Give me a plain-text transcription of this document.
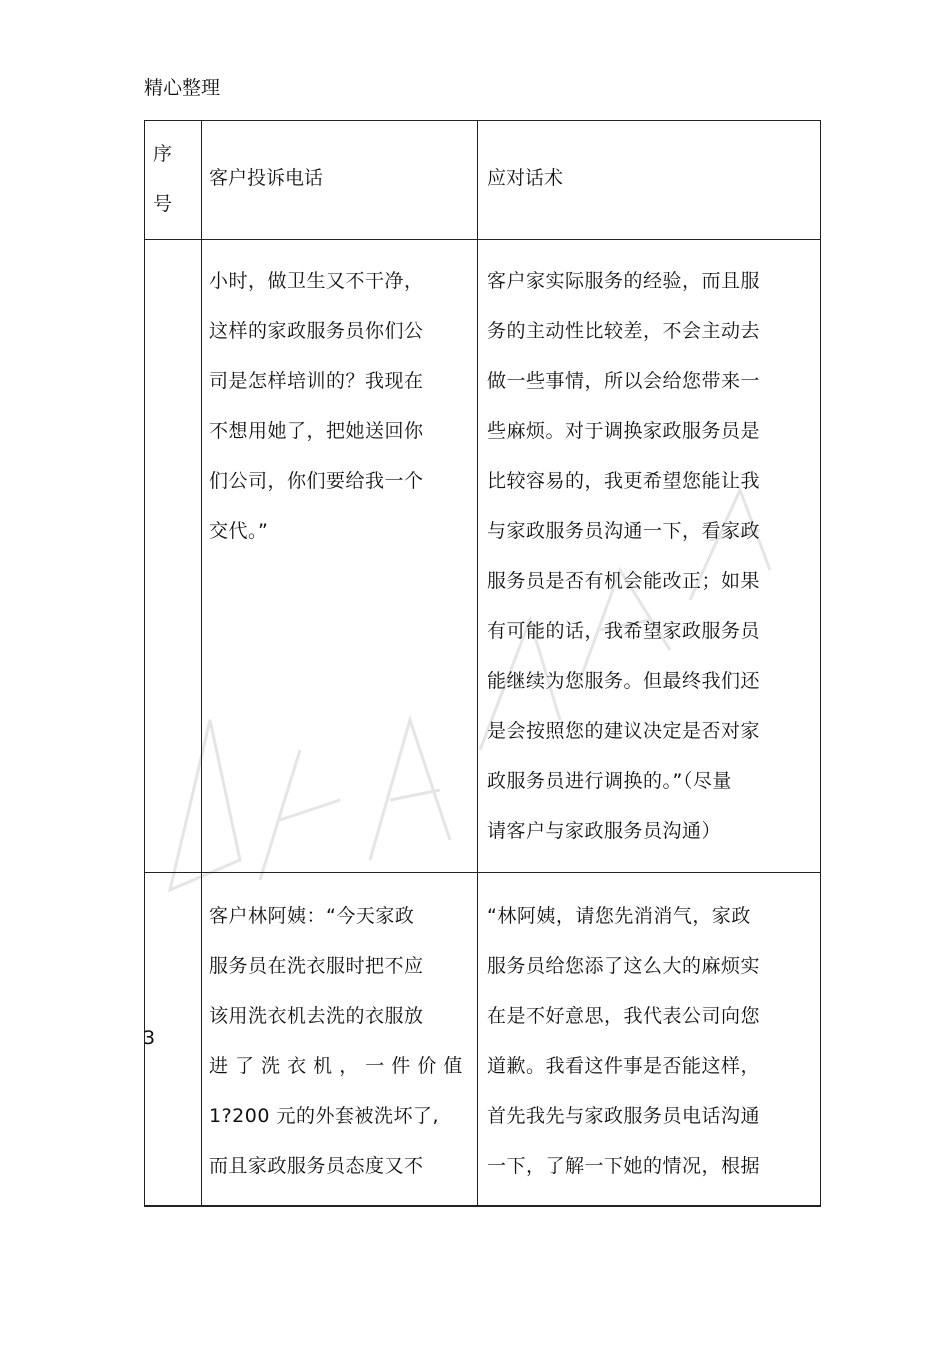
精心整理
序
号
客户投诉电话	应对话术
小时，做卫生又不干净，
这样的家政服务员你们公
司是怎样培训的？我现在
不想用她了，把她送回你
们公司，你们要给我一个
交代。”
客户家实际服务的经验，而且服
务的主动性比较差，不会主动去
做一些事情，所以会给您带来一
些麻烦。对于调换家政服务员是
比较容易的，我更希望您能让我
与家政服务员沟通一下，看家政
服务员是否有机会能改正；如果
有可能的话，我希望家政服务员
能继续为您服务。但最终我们还
是会按照您的建议决定是否对家
政服务员进行调换的。”（尽量
请客户与家政服务员沟通）
3
客户林阿姨：“今天家政
服务员在洗衣服时把不应
该用洗衣机去洗的衣服放
进 了 洗 衣 机 ， 一 件 价 值
1?200 元的外套被洗坏了,
而且家政服务员态度又不
“林阿姨，请您先消消气，家政
服务员给您添了这么大的麻烦实
在是不好意思，我代表公司向您
道歉。我看这件事是否能这样，
首先我先与家政服务员电话沟通
一下，了解一下她的情况，根据
